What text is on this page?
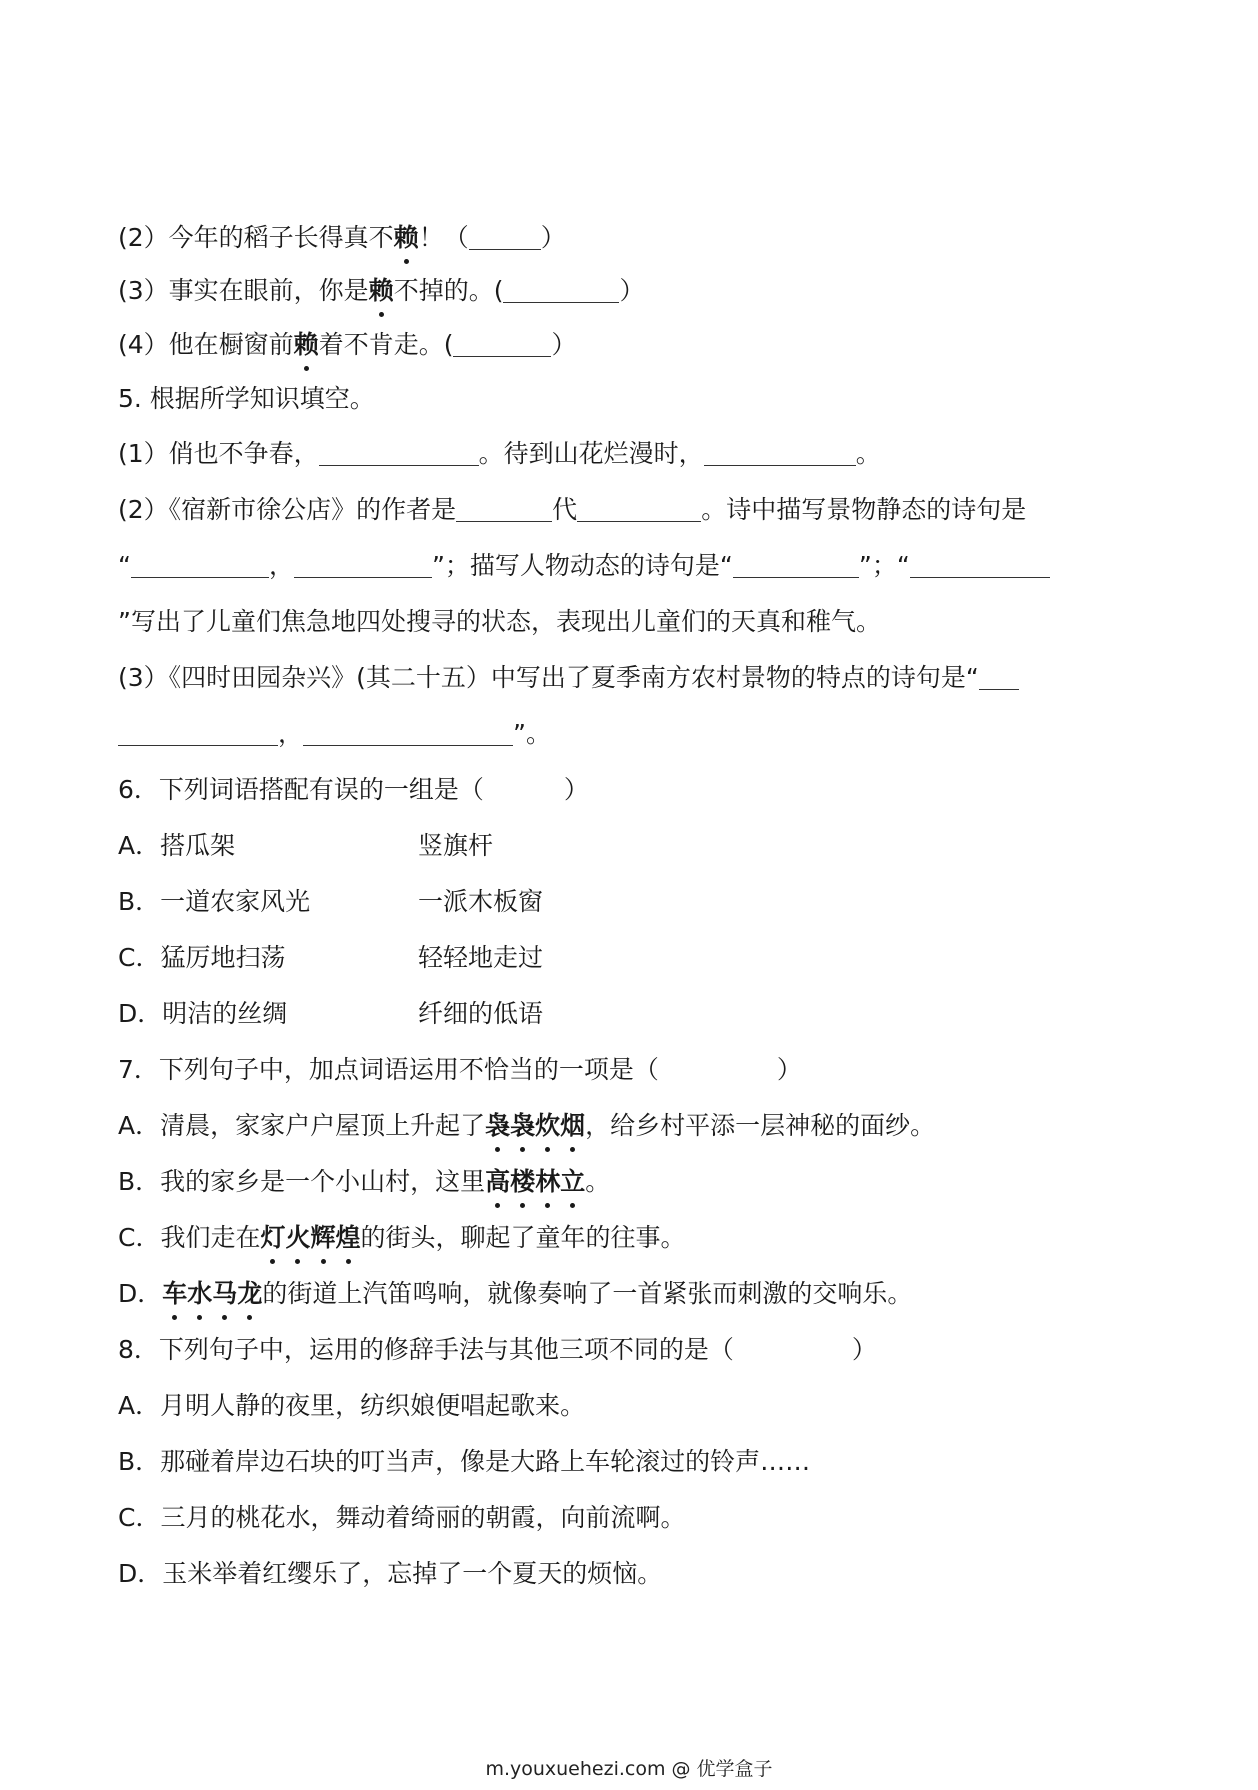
(2）今年的稻子长得真不赖！（	）
(3）事实在眼前，你是赖不掉的。(	）
(4）他在橱窗前赖着不肯走。(	）
5. 根据所学知识填空。
(1）俏也不争春，	。待到山花烂漫时，	。
(2）《宿新市徐公店》的作者是	代	。诗中描写景物静态的诗句是
“	，	”；描写人物动态的诗句是“	”；“
”写出了儿童们焦急地四处搜寻的状态，表现出儿童们的天真和稚气。
(3）《四时田园杂兴》(其二十五）中写出了夏季南方农村景物的特点的诗句是“
，	”。
6．下列词语搭配有误的一组是（	）
A．搭瓜架	竖旗杆
B．一道农家风光	一派木板窗
C．猛厉地扫荡	轻轻地走过
D．明洁的丝绸	纤细的低语
7．下列句子中，加点词语运用不恰当的一项是（	）
A．清晨，家家户户屋顶上升起了袅袅炊烟，给乡村平添一层神秘的面纱。
B．我的家乡是一个小山村，这里高楼林立。
C．我们走在灯火辉煌的街头，聊起了童年的往事。
D．车水马龙的街道上汽笛鸣响，就像奏响了一首紧张而刺激的交响乐。
8．下列句子中，运用的修辞手法与其他三项不同的是（	）
A．月明人静的夜里，纺织娘便唱起歌来。
B．那碰着岸边石块的叮当声，像是大路上车轮滚过的铃声……
C．三月的桃花水，舞动着绮丽的朝霞，向前流啊。
D．玉米举着红缨乐了，忘掉了一个夏天的烦恼。
m.youxuehezi.com @ 优学盒子
